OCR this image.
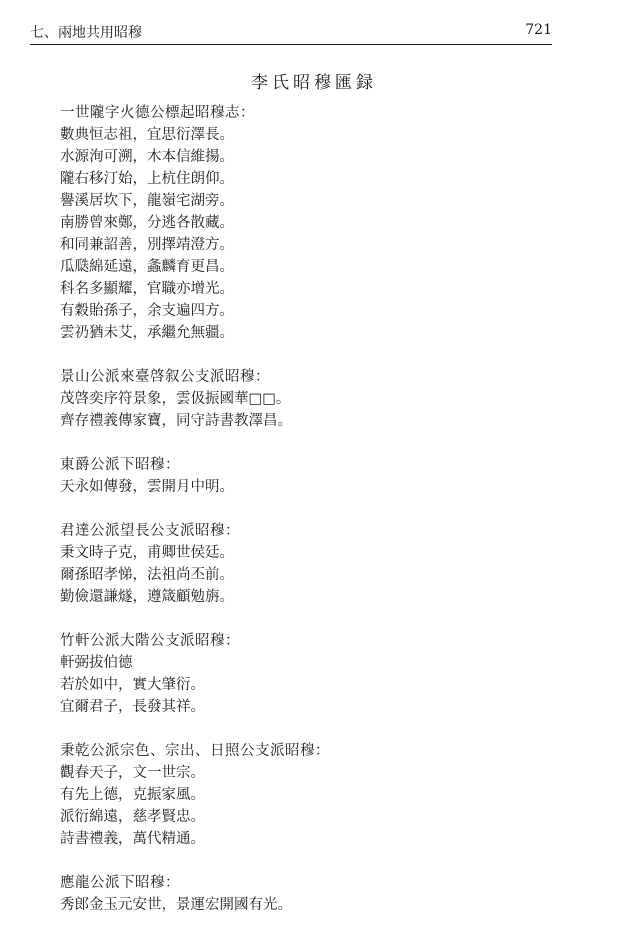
七、兩地共用昭穆	721
李氏昭穆匯録
一世隴字火德公標起昭穆志：
數典恒志祖，宜思衍澤長。
水源洵可溯，木本信維揚。
隴右移汀始，上杭住朗仰。
譽溪居坎下，龍嶺宅湖旁。
南勝曾來鄭，分逃各散藏。
和同兼詔善，別擇靖澄方。
瓜瓞綿延遠，螽麟育更昌。
科名多顯耀，官職亦增光。
有穀貽孫子，余支遍四方。
雲礽猶未艾，承繼允無疆。
景山公派來臺啓叙公支派昭穆：
茂啓奕序符景象，雲伋振國華□□。
齊存禮義傳家寶，同守詩書教澤昌。
東爵公派下昭穆：
天永如傳發，雲開月中明。
君達公派望長公支派昭穆：
秉文時子克，甫卿世侯廷。
爾孫昭孝悌，法祖尚丕前。
勤儉還謙燧，遵箴顧勉旃。
竹軒公派大階公支派昭穆：
軒弼拔伯德
若於如中，實大肇衍。
宜爾君子，長發其祥。
秉乾公派宗色、宗出、日照公支派昭穆：
觀春天子，文一世宗。
有先上德，克振家風。
派衍綿遠，慈孝賢忠。
詩書禮義，萬代精通。
應龍公派下昭穆：
秀郎金玉元安世，景運宏開國有光。
